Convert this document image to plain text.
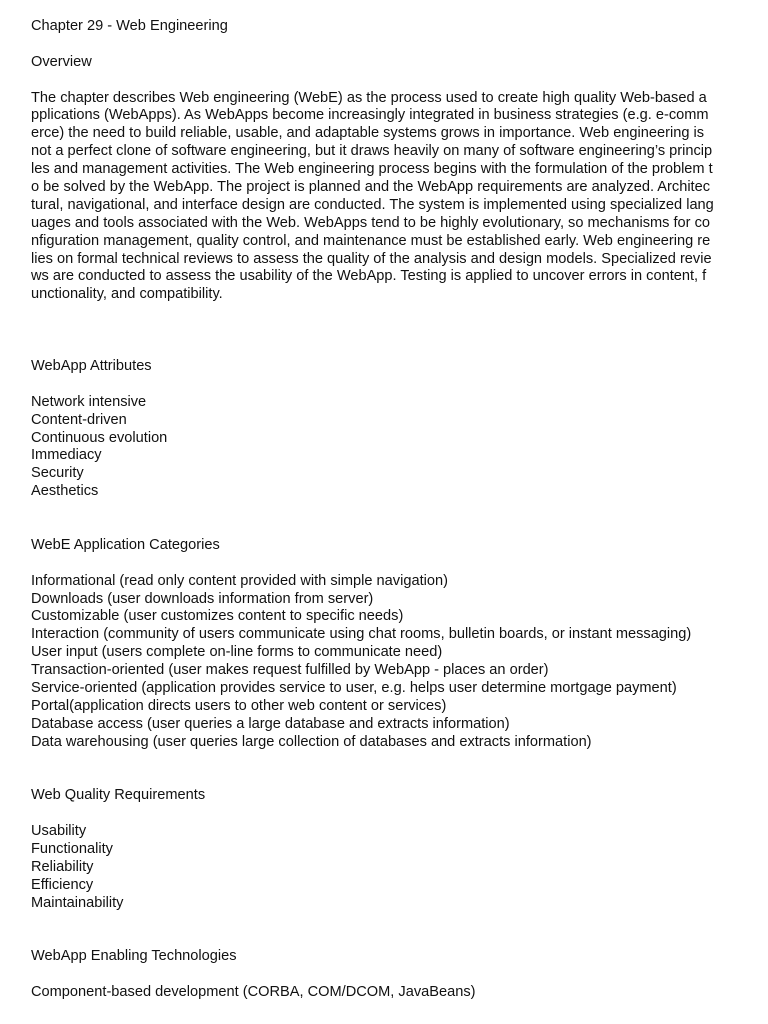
Chapter 29 - Web Engineering
Overview
The chapter describes Web engineering (WebE) as the process used to create high quality Web-based a
pplications (WebApps). As WebApps become increasingly integrated in business strategies (e.g. e-comm
erce) the need to build reliable, usable, and adaptable systems grows in importance. Web engineering is
not a perfect clone of software engineering, but it draws heavily on many of software engineering’s princip
les and management activities. The Web engineering process begins with the formulation of the problem t
o be solved by the WebApp. The project is planned and the WebApp requirements are analyzed. Architec
tural, navigational, and interface design are conducted. The system is implemented using specialized lang
uages and tools associated with the Web. WebApps tend to be highly evolutionary, so mechanisms for co
nfiguration management, quality control, and maintenance must be established early. Web engineering re
lies on formal technical reviews to assess the quality of the analysis and design models. Specialized revie
ws are conducted to assess the usability of the WebApp. Testing is applied to uncover errors in content, f
unctionality, and compatibility.
WebApp Attributes
Network intensive
Content-driven
Continuous evolution
Immediacy
Security
Aesthetics
WebE Application Categories
Informational (read only content provided with simple navigation)
Downloads (user downloads information from server)
Customizable (user customizes content to specific needs)
Interaction (community of users communicate using chat rooms, bulletin boards, or instant messaging)
User input (users complete on-line forms to communicate need)
Transaction-oriented (user makes request fulfilled by WebApp - places an order)
Service-oriented (application provides service to user, e.g. helps user determine mortgage payment)
Portal(application directs users to other web content or services)
Database access (user queries a large database and extracts information)
Data warehousing (user queries large collection of databases and extracts information)
Web Quality Requirements
Usability
Functionality
Reliability
Efficiency
Maintainability
WebApp Enabling Technologies
Component-based development (CORBA, COM/DCOM, JavaBeans)
